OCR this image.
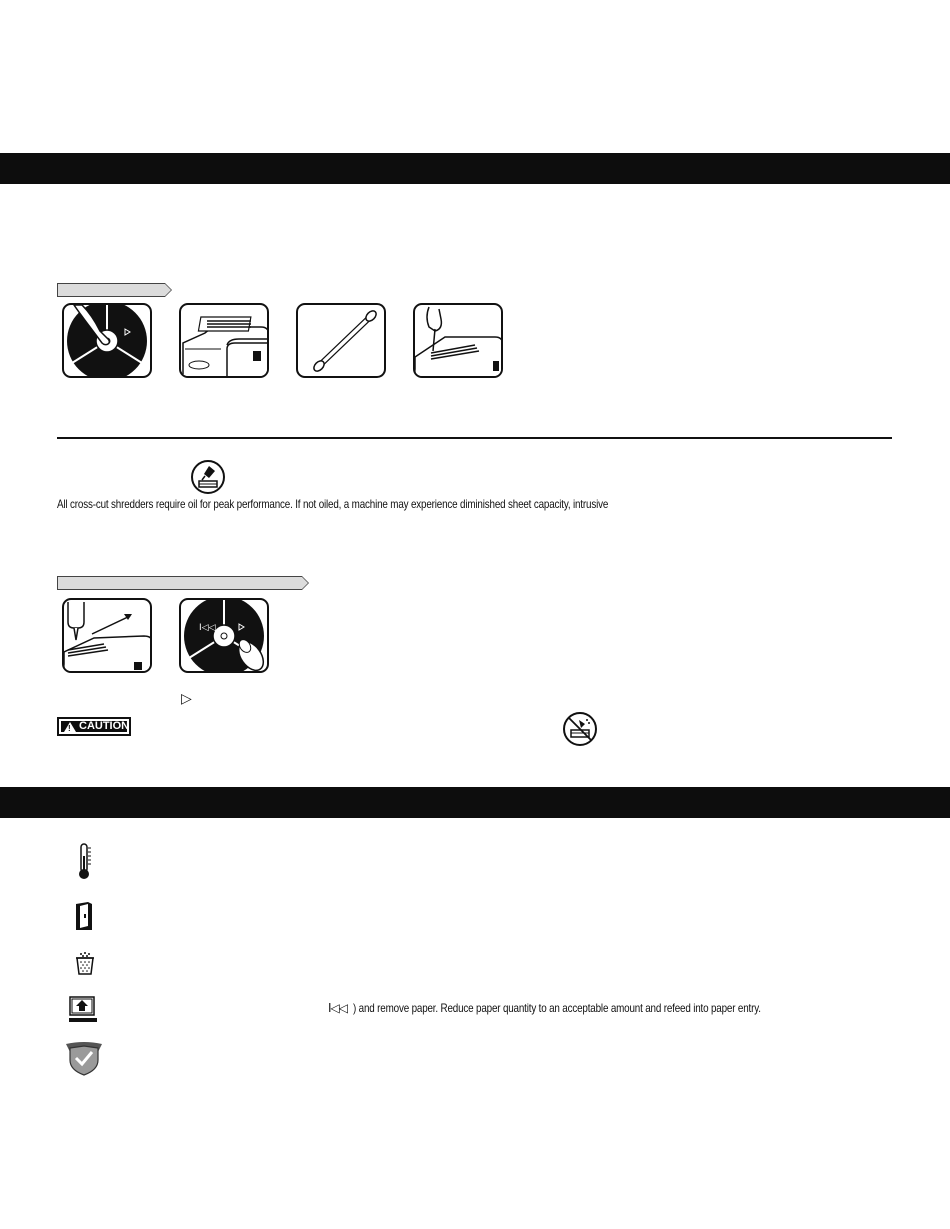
All cross-cut shredders require oil for peak performance. If not oiled, a machine may experience diminished sheet capacity, intrusive
I◁◁
▷
!
CAUTION
I◁◁ ) and remove paper. Reduce paper quantity to an acceptable amount and refeed into paper entry.
